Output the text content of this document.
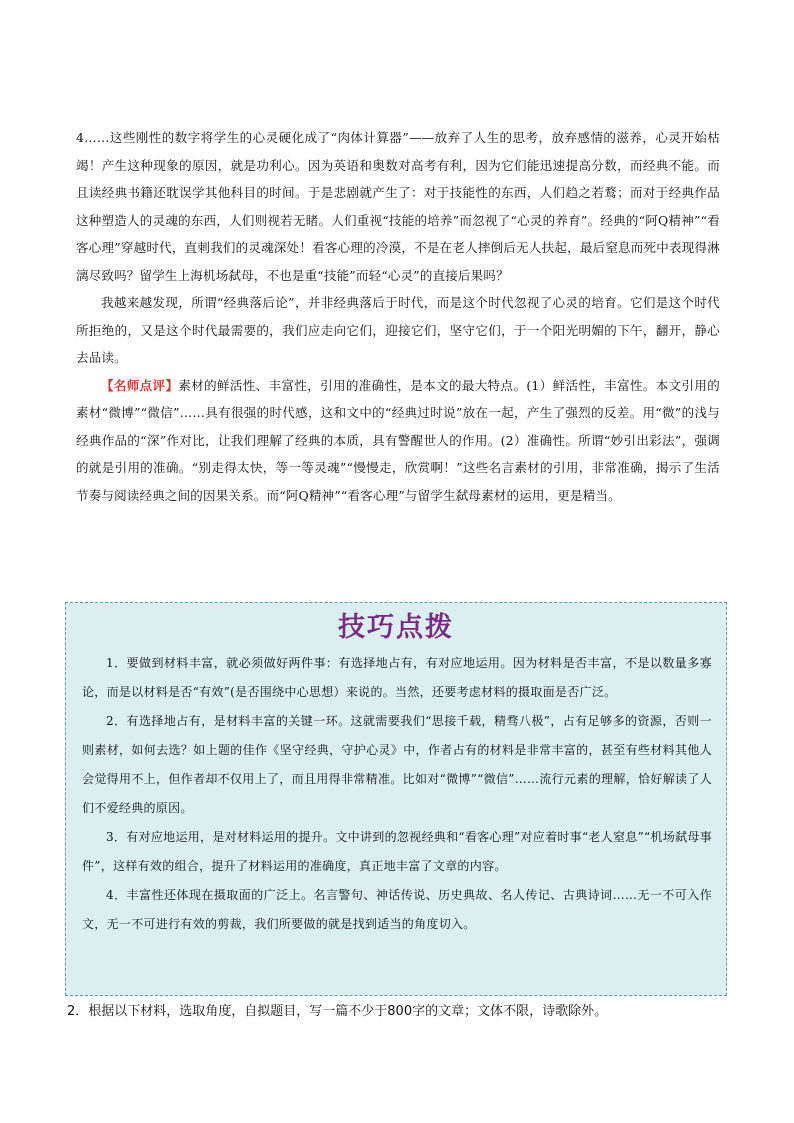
4……这些刚性的数字将学生的心灵硬化成了“肉体计算器”——放弃了人生的思考，放弃感情的滋养，心灵开始枯竭！产生这种现象的原因，就是功利心。因为英语和奥数对高考有利，因为它们能迅速提高分数，而经典不能。而且读经典书籍还耽误学其他科目的时间。于是悲剧就产生了：对于技能性的东西，人们趋之若鹜；而对于经典作品这种塑造人的灵魂的东西，人们则视若无睹。人们重视“技能的培养”而忽视了“心灵的养育”。经典的“阿Q精神”“看客心理”穿越时代，直刺我们的灵魂深处！看客心理的冷漠，不是在老人摔倒后无人扶起，最后窒息而死中表现得淋漓尽致吗？留学生上海机场弑母，不也是重“技能”而轻“心灵”的直接后果吗？

我越来越发现，所谓“经典落后论”，并非经典落后于时代，而是这个时代忽视了心灵的培育。它们是这个时代所拒绝的，又是这个时代最需要的，我们应走向它们，迎接它们，坚守它们，于一个阳光明媚的下午，翻开，静心去品读。

【名师点评】素材的鲜活性、丰富性，引用的准确性，是本文的最大特点。(1）鲜活性，丰富性。本文引用的素材“微博”“微信”……具有很强的时代感，这和文中的“经典过时说”放在一起，产生了强烈的反差。用“微”的浅与经典作品的“深”作对比，让我们理解了经典的本质，具有警醒世人的作用。(2）准确性。所谓“妙引出彩法”，强调的就是引用的准确。“别走得太快，等一等灵魂”“慢慢走，欣赏啊！”这些名言素材的引用，非常准确，揭示了生活节奏与阅读经典之间的因果关系。而“阿Q精神”“看客心理”与留学生弑母素材的运用，更是精当。

技巧点拨

1．要做到材料丰富，就必须做好两件事：有选择地占有，有对应地运用。因为材料是否丰富，不是以数量多寡论，而是以材料是否“有效”(是否围绕中心思想）来说的。当然，还要考虑材料的摄取面是否广泛。

2．有选择地占有，是材料丰富的关键一环。这就需要我们“思接千载，精骛八极”，占有足够多的资源，否则一则素材，如何去选？如上题的佳作《坚守经典，守护心灵》中，作者占有的材料是非常丰富的，甚至有些材料其他人会觉得用不上，但作者却不仅用上了，而且用得非常精准。比如对“微博”“微信”……流行元素的理解，恰好解读了人们不爱经典的原因。

3．有对应地运用，是对材料运用的提升。文中讲到的忽视经典和“看客心理”对应着时事“老人窒息”“机场弑母事件”，这样有效的组合，提升了材料运用的准确度，真正地丰富了文章的内容。

4．丰富性还体现在摄取面的广泛上。名言警句、神话传说、历史典故、名人传记、古典诗词……无一不可入作文，无一不可进行有效的剪裁，我们所要做的就是找到适当的角度切入。

2．根据以下材料，选取角度，自拟题目，写一篇不少于800字的文章；文体不限，诗歌除外。
